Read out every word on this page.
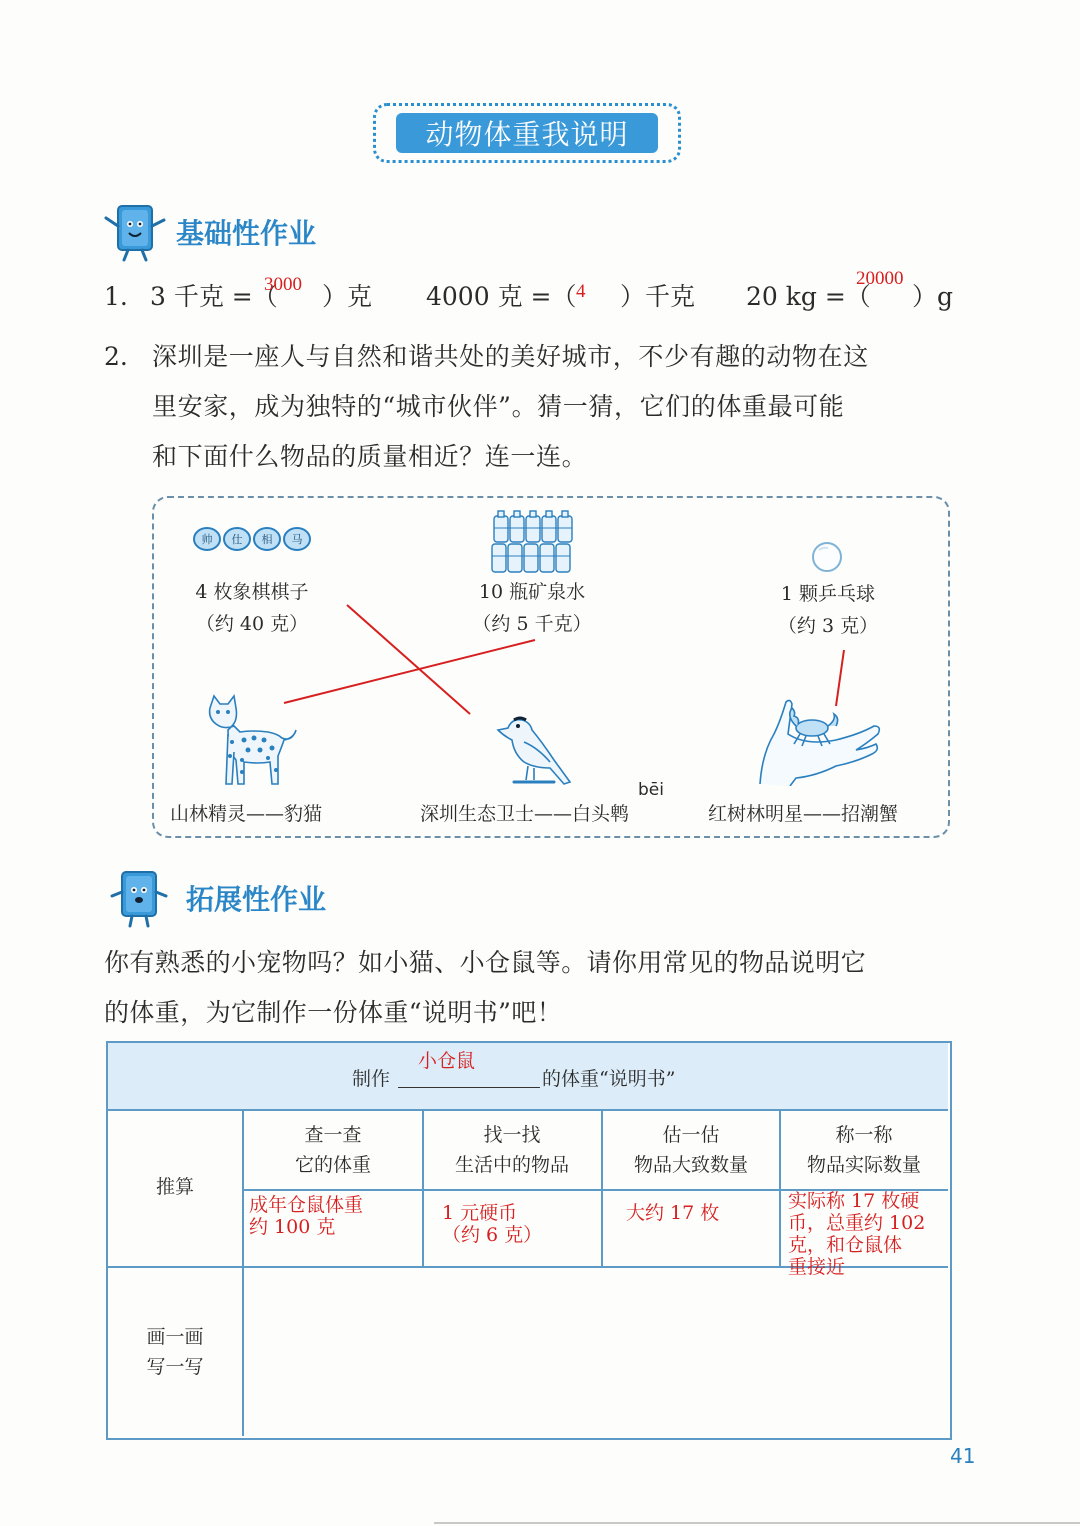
动物体重我说明
基础性作业
1. 3 千克 =（
3000 ）克 4000 克 =（ 4 ）千克 20 kg =（
20000
）g
2. 深圳是一座人与自然和谐共处的美好城市，不少有趣的动物在这
里安家，成为独特的“城市伙伴”。猜一猜，它们的体重最可能
和下面什么物品的质量相近？连一连。
帅 仕 相 马
4 枚象棋棋子
（约 40 克）
10 瓶矿泉水
（约 5 千克）
1 颗乒乓球
（约 3 克）
山林精灵——豹猫
bēi
深圳生态卫士——白头鹎	红树林明星——招潮蟹
拓展性作业
你有熟悉的小宠物吗？如小猫、小仓鼠等。请你用常见的物品说明它
的体重，为它制作一份体重“说明书”吧！
制作
小仓鼠
的体重“说明书”
推算
查一查
它的体重
找一找
生活中的物品
估一估
物品大致数量
称一称
物品实际数量
成年仓鼠体重
约 100 克
1 元硬币
（约 6 克）
大约 17 枚
实际称 17 枚硬
币，总重约 102
克，和仓鼠体
重接近
画一画
写一写
41
